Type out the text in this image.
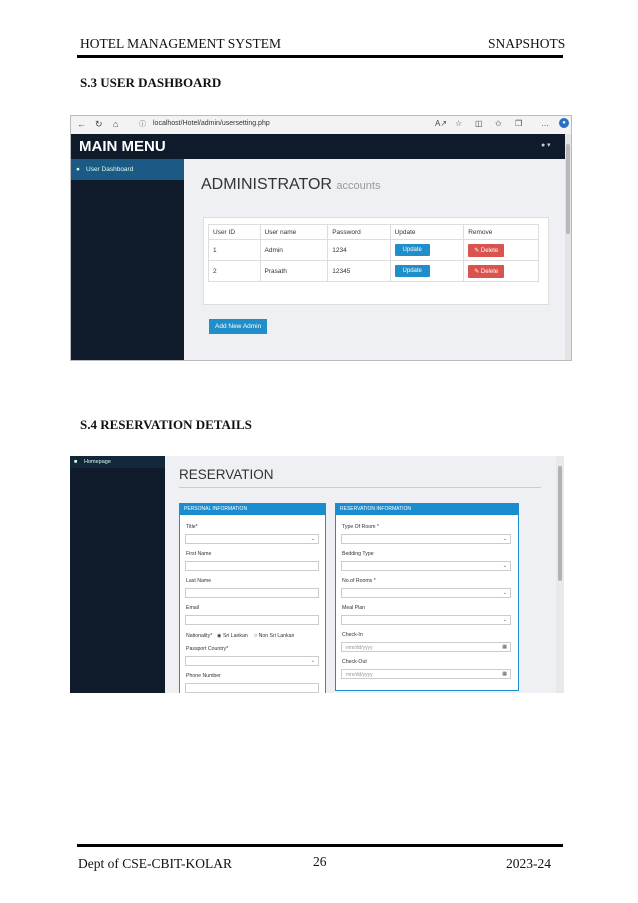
HOTEL MANAGEMENT SYSTEM	SNAPSHOTS
S.3 USER DASHBOARD
← ↻ ⌂	ⓘ localhost/Hotel/admin/usersetting.php	A↗ ☆ ◫ ✩ ❒ …	●
MAIN MENU	● ▾
● User Dashboard
ADMINISTRATOR accounts
User ID	User name	Password	Update	Remove
1	Admin	1234	Update	✎ Delete
2	Prasath	12345	Update	✎ Delete
Add New Admin
S.4 RESERVATION DETAILS
■ Homepage
RESERVATION
PERSONAL INFORMATION
Title*
⌄
First Name
Last Name
Email
Nationality* ◉ Sri Lankan ○ Non Sri Lankan
Passport Country*
⌄
Phone Number
RESERVATION INFORMATION
Type Of Room *
⌄
Bedding Type
⌄
No.of Rooms *
⌄
Meal Plan
⌄
Check-In
mm/dd/yyyy	▦
Check-Out
mm/dd/yyyy	▦
Dept of CSE-CBIT-KOLAR	26	2023-24
